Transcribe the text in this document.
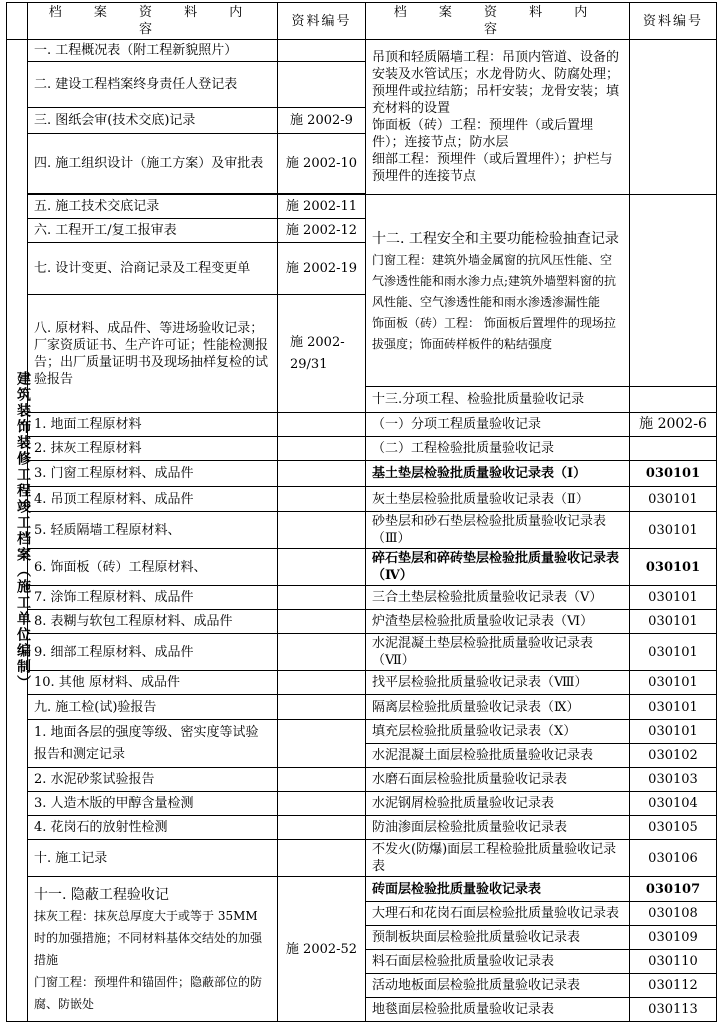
	档 案 资 料 内 容	资料编号	档 案 资 料 内 容	资料编号

建筑装饰装修工程竣工档案（施工单位编制）	一. 工程概况表（附工程新貌照片）		吊顶和轻质隔墙工程：吊顶内管道、设备的安装及水管试压；水龙骨防火、防腐处理；预埋件或拉结筋；吊杆安装；龙骨安装；填充材料的设置
饰面板（砖）工程：预埋件（或后置埋件）；连接节点；防水层
细部工程：预埋件（或后置埋件）；护栏与预埋件的连接节点	
	二. 建设工程档案终身责任人登记表			
	三. 图纸会审(技术交底)记录	施 2002-9		
	四. 施工组织设计（施工方案）及审批表	施 2002-10		

	五. 施工技术交底记录	施 2002-11	十二. 工程安全和主要功能检验抽查记录
门窗工程：建筑外墙金属窗的抗风压性能、空气渗透性能和雨水渗力点;建筑外墙塑料窗的抗风性能、空气渗透性能和雨水渗透渗漏性能
饰面板（砖）工程： 饰面板后置埋件的现场拉拔强度；饰面砖样板件的粘结强度	

	六. 工程开工/复工报审表	施 2002-12		
	七. 设计变更、洽商记录及工程变更单	施 2002-19		
	八. 原材料、成品件、等进场验收记录；厂家资质证书、生产许可证；性能检测报告；出厂质量证明书及现场抽样复检的试验报告	施 2002-29/31		
			十三.分项工程、检验批质量验收记录	
	1. 地面工程原材料		（一）分项工程质量验收记录	施 2002-6
	2. 抹灰工程原材料		（二）工程检验批质量验收记录	
	3. 门窗工程原材料、成品件		基土垫层检验批质量验收记录表（Ⅰ）	030101
	4. 吊顶工程原材料、成品件		灰土垫层检验批质量验收记录表（Ⅱ）	030101
	5. 轻质隔墙工程原材料、		砂垫层和砂石垫层检验批质量验收记录表（Ⅲ）	030101
	6. 饰面板（砖）工程原材料、		碎石垫层和碎砖垫层检验批质量验收记录表（Ⅳ）	030101
	7. 涂饰工程原材料、成品件		三合土垫层检验批质量验收记录表（Ⅴ）	030101
	8. 表糊与软包工程原材料、成品件		炉渣垫层检验批质量验收记录表（Ⅵ）	030101
	9. 细部工程原材料、成品件		水泥混凝土垫层检验批质量验收记录表（Ⅶ）	030101
	10. 其他 原材料、成品件		找平层检验批质量验收记录表（Ⅷ）	030101
	九. 施工检(试)验报告		隔离层检验批质量验收记录表（Ⅸ）	030101
	1. 地面各层的强度等级、密实度等试验报告和测定记录		填充层检验批质量验收记录表（Ⅹ）	030101
			水泥混凝土面层检验批质量验收记录表	030102
	2. 水泥砂浆试验报告		水磨石面层检验批质量验收记录表	030103
	3. 人造木版的甲醇含量检测		水泥钢屑检验批质量验收记录表	030104
	4. 花岗石的放射性检测		防油渗面层检验批质量验收记录表	030105
	十. 施工记录		不发火(防爆)面层工程检验批质量验收记录表	030106

	十一. 隐蔽工程验收记
抹灰工程：抹灰总厚度大于或等于 35MM 时的加强措施；不同材料基体交结处的加强措施
门窗工程：预埋件和锚固件；隐蔽部位的防腐、防嵌处	施 2002-52	砖面层检验批质量验收记录表	030107
			大理石和花岗石面层检验批质量验收记录表	030108
			预制板块面层检验批质量验收记录表	030109
			料石面层检验批质量验收记录表	030110
			活动地板面层检验批质量验收记录表	030112
			地毯面层检验批质量验收记录表	030113
